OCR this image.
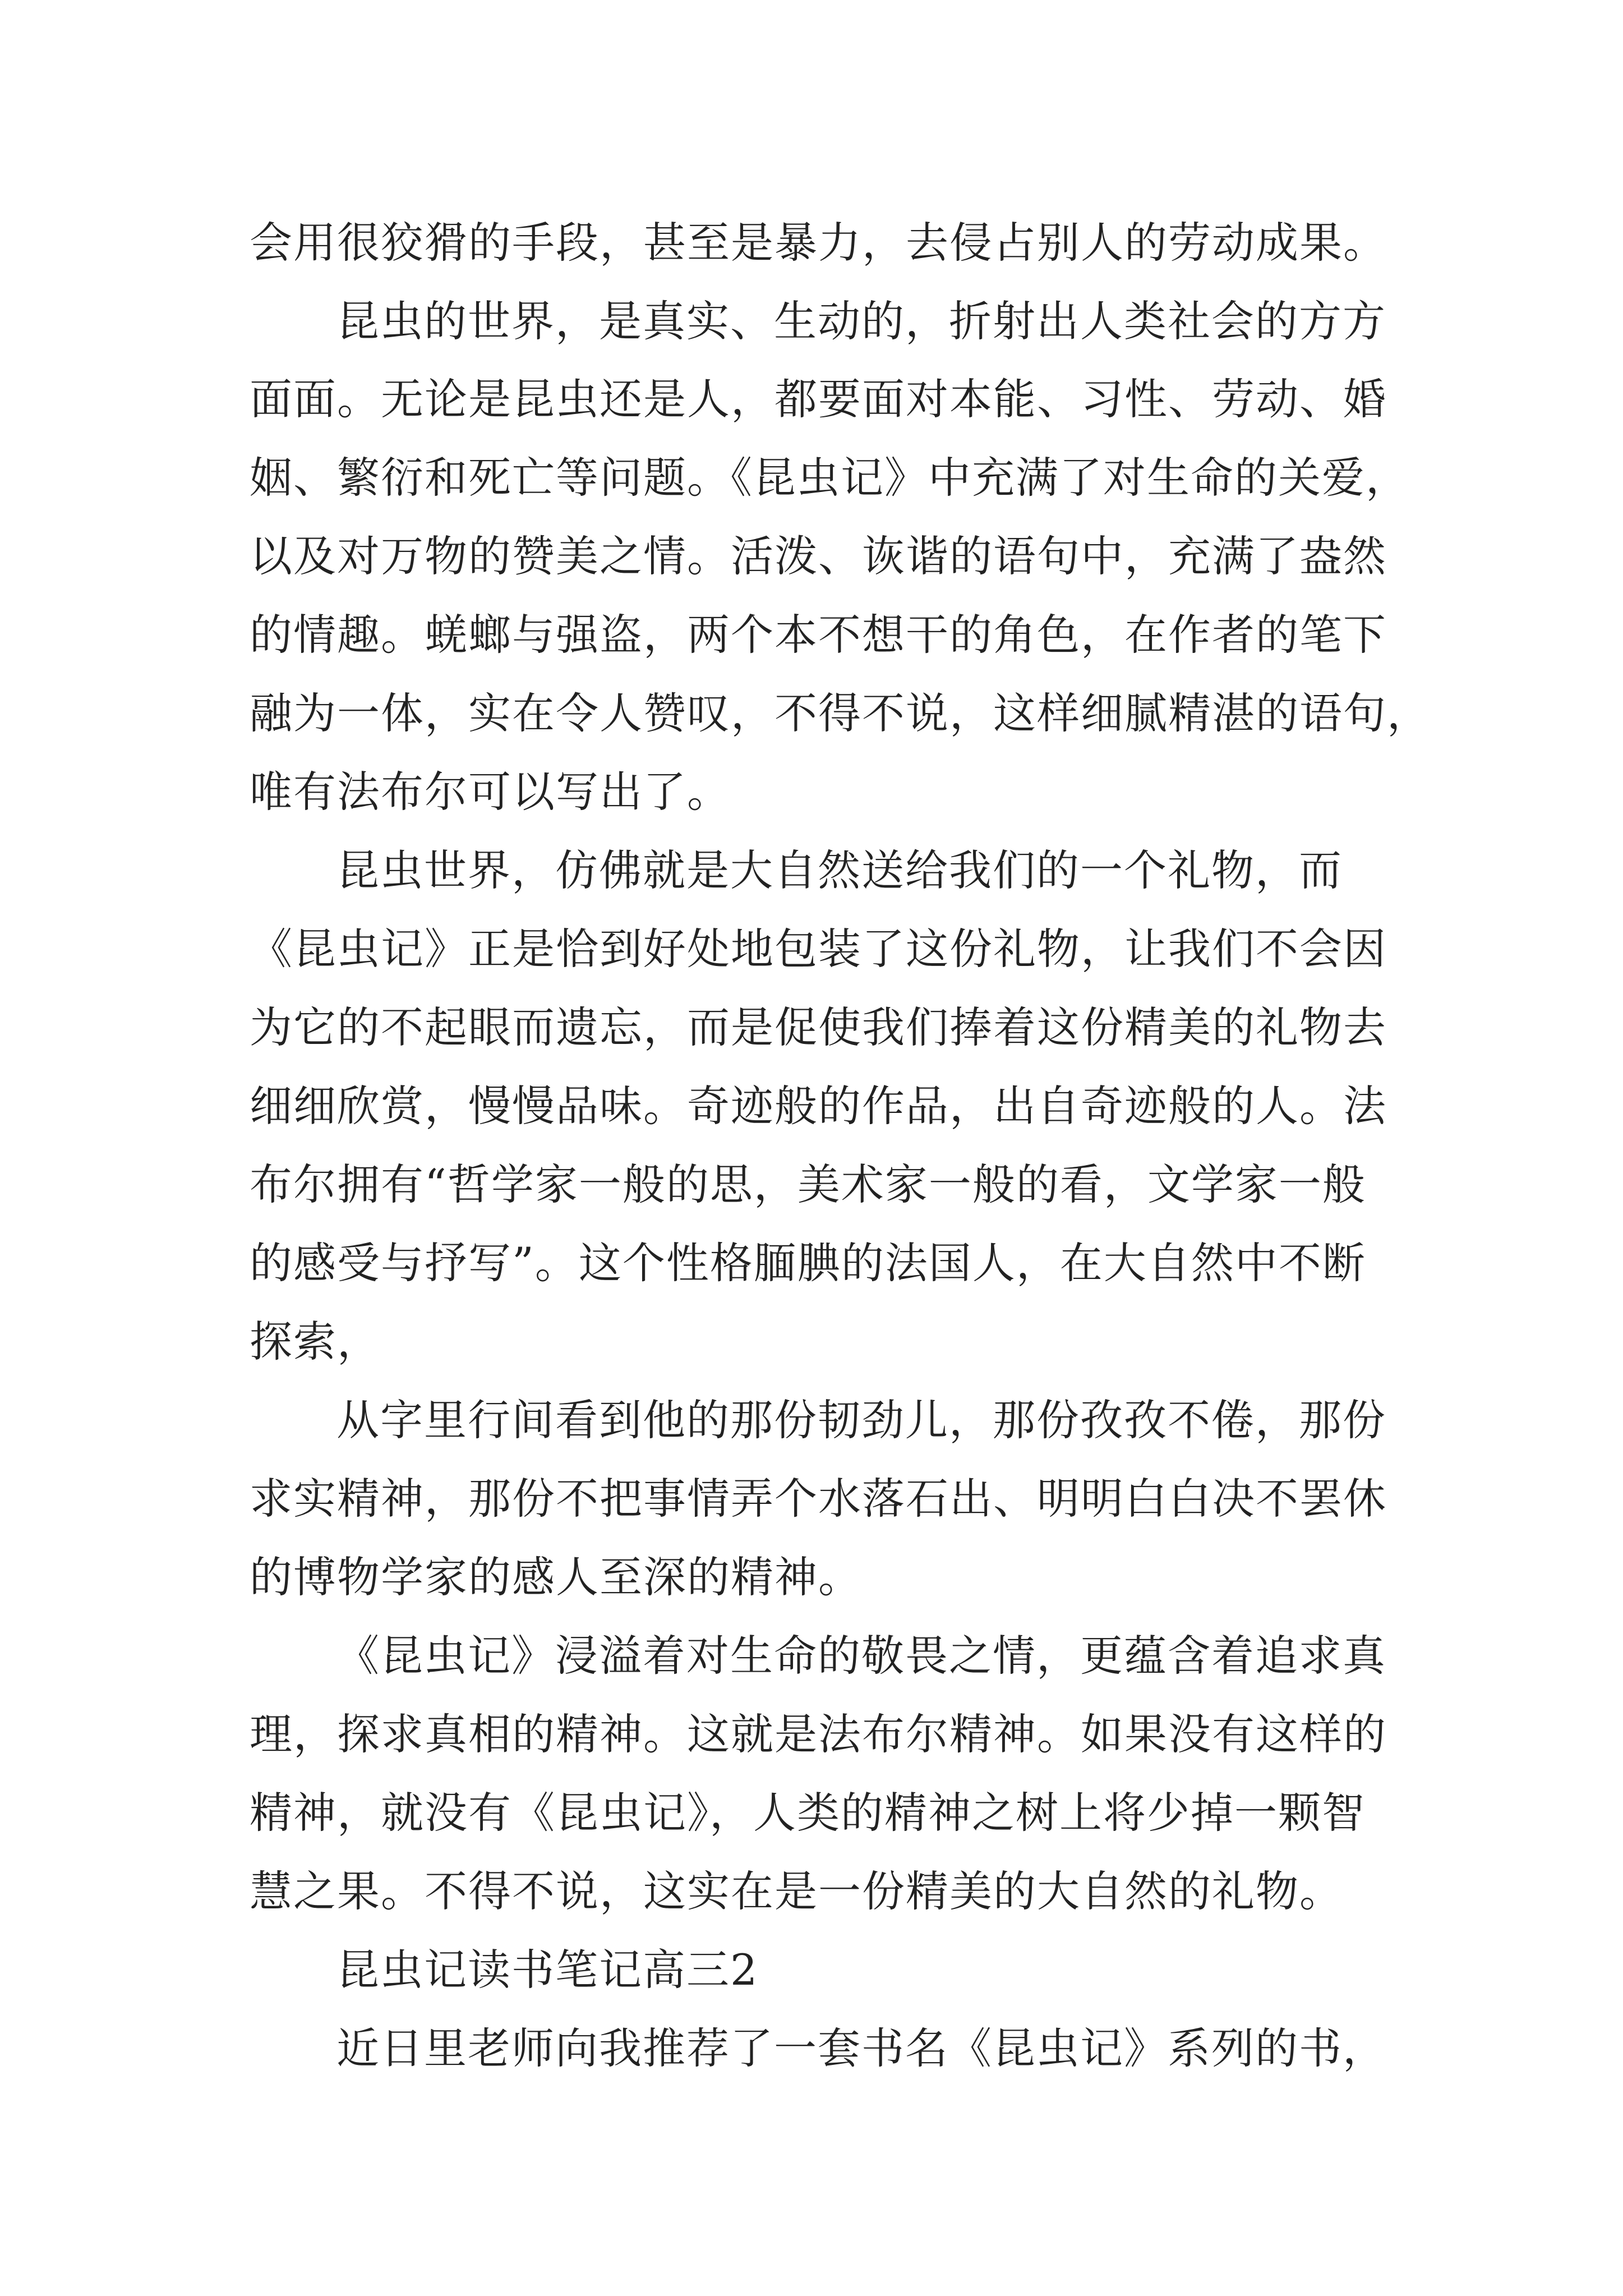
会用很狡猾的手段，甚至是暴力，去侵占别人的劳动成果。
昆虫的世界，是真实、生动的，折射出人类社会的方方
面面。无论是昆虫还是人，都要面对本能、习性、劳动、婚
姻、繁衍和死亡等问题。《昆虫记》中充满了对生命的关爱，
以及对万物的赞美之情。活泼、诙谐的语句中，充满了盎然
的情趣。蜣螂与强盗，两个本不想干的角色，在作者的笔下
融为一体，实在令人赞叹，不得不说，这样细腻精湛的语句，
唯有法布尔可以写出了。
昆虫世界，仿佛就是大自然送给我们的一个礼物，而
《昆虫记》正是恰到好处地包装了这份礼物，让我们不会因
为它的不起眼而遗忘，而是促使我们捧着这份精美的礼物去
细细欣赏，慢慢品味。奇迹般的作品，出自奇迹般的人。法
布尔拥有“哲学家一般的思，美术家一般的看，文学家一般
的感受与抒写”。这个性格腼腆的法国人，在大自然中不断
探索，
从字里行间看到他的那份韧劲儿，那份孜孜不倦，那份
求实精神，那份不把事情弄个水落石出、明明白白决不罢休
的博物学家的感人至深的精神。
《昆虫记》浸溢着对生命的敬畏之情，更蕴含着追求真
理，探求真相的精神。这就是法布尔精神。如果没有这样的
精神，就没有《昆虫记》，人类的精神之树上将少掉一颗智
慧之果。不得不说，这实在是一份精美的大自然的礼物。
昆虫记读书笔记高三2
近日里老师向我推荐了一套书名《昆虫记》系列的书，
